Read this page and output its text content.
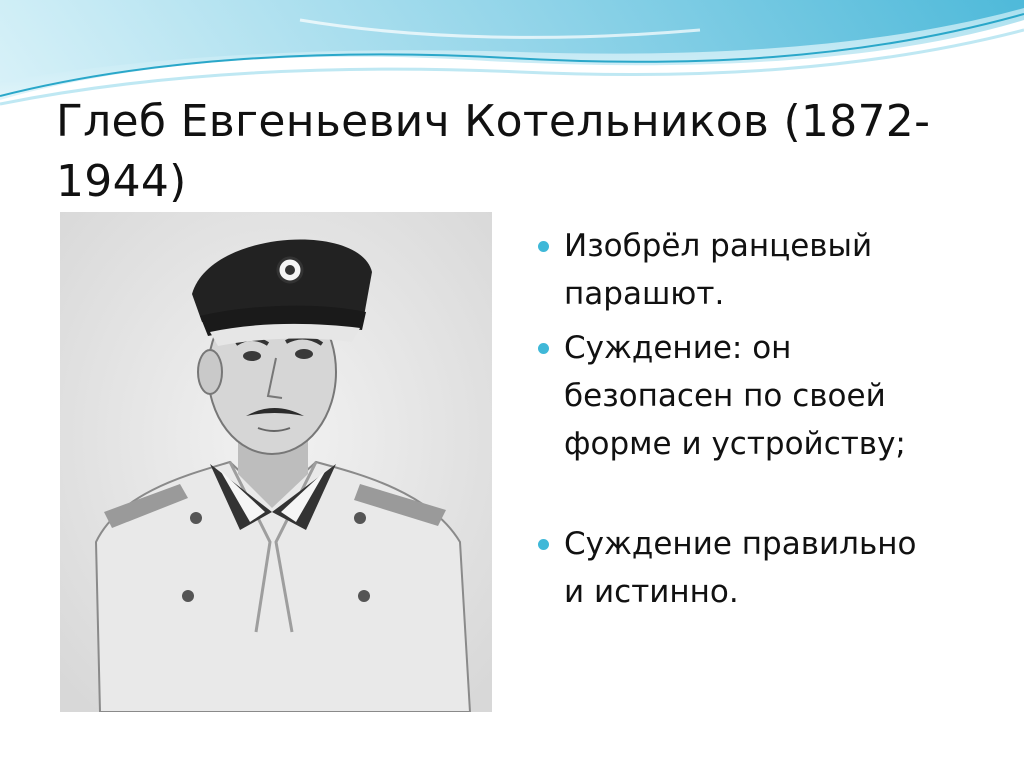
Глеб Евгеньевич Котельников (1872-
1944)
Изобрёл ранцевый
парашют.
Суждение: он
безопасен по своей
форме и устройству;
Суждение правильно
и истинно.
